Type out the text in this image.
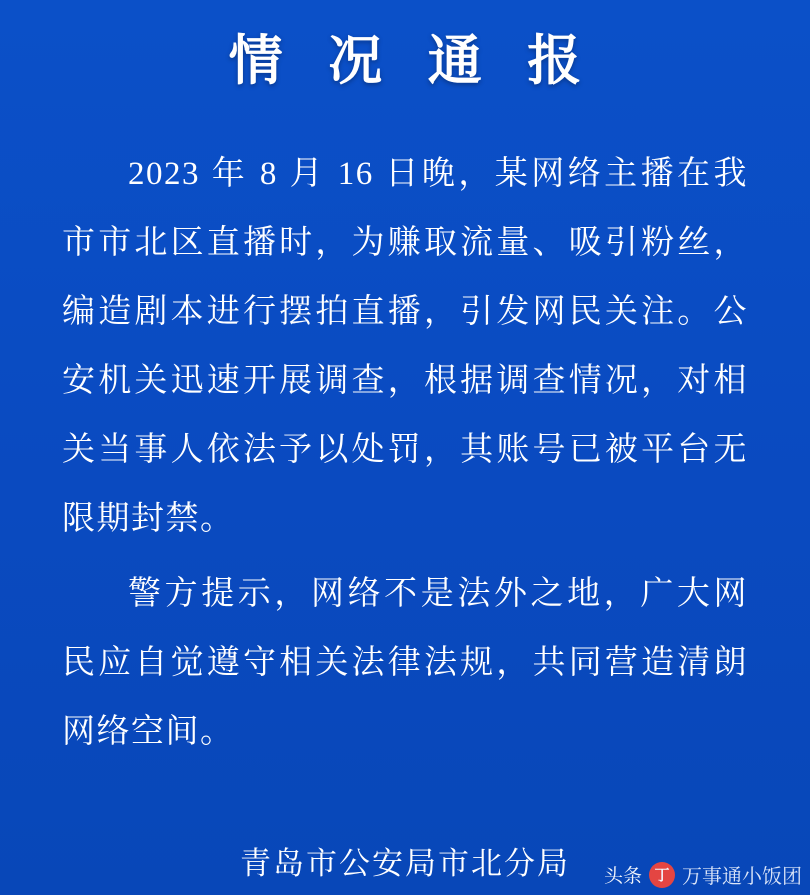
情 况 通 报

2023 年 8 月 16 日晚，某网络主播在我市市北区直播时，为赚取流量、吸引粉丝，编造剧本进行摆拍直播，引发网民关注。公安机关迅速开展调查，根据调查情况，对相关当事人依法予以处罚，其账号已被平台无限期封禁。

警方提示，网络不是法外之地，广大网民应自觉遵守相关法律法规，共同营造清朗网络空间。

青岛市公安局市北分局	头条 丁 万事通小饭团
